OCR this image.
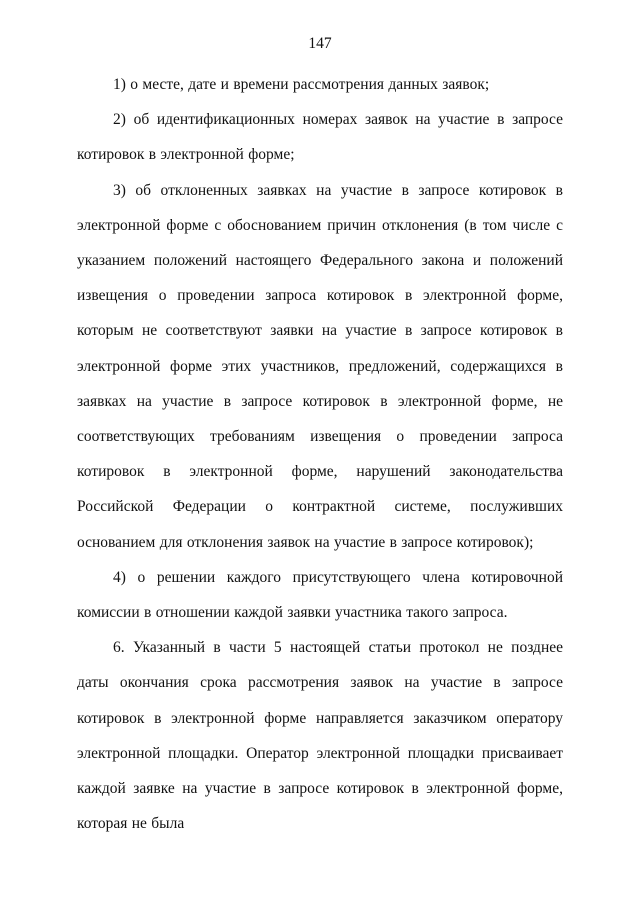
147

1) о месте, дате и времени рассмотрения данных заявок;

2) об идентификационных номерах заявок на участие в запросе котировок в электронной форме;

3) об отклоненных заявках на участие в запросе котировок в электронной форме с обоснованием причин отклонения (в том числе с указанием положений настоящего Федерального закона и положений извещения о проведении запроса котировок в электронной форме, которым не соответствуют заявки на участие в запросе котировок в электронной форме этих участников, предложений, содержащихся в заявках на участие в запросе котировок в электронной форме, не соответствующих требованиям извещения о проведении запроса котировок в электронной форме, нарушений законодательства Российской Федерации о контрактной системе, послуживших основанием для отклонения заявок на участие в запросе котировок);

4) о решении каждого присутствующего члена котировочной комиссии в отношении каждой заявки участника такого запроса.

6. Указанный в части 5 настоящей статьи протокол не позднее даты окончания срока рассмотрения заявок на участие в запросе котировок в электронной форме направляется заказчиком оператору электронной площадки. Оператор электронной площадки присваивает каждой заявке на участие в запросе котировок в электронной форме, которая не была
